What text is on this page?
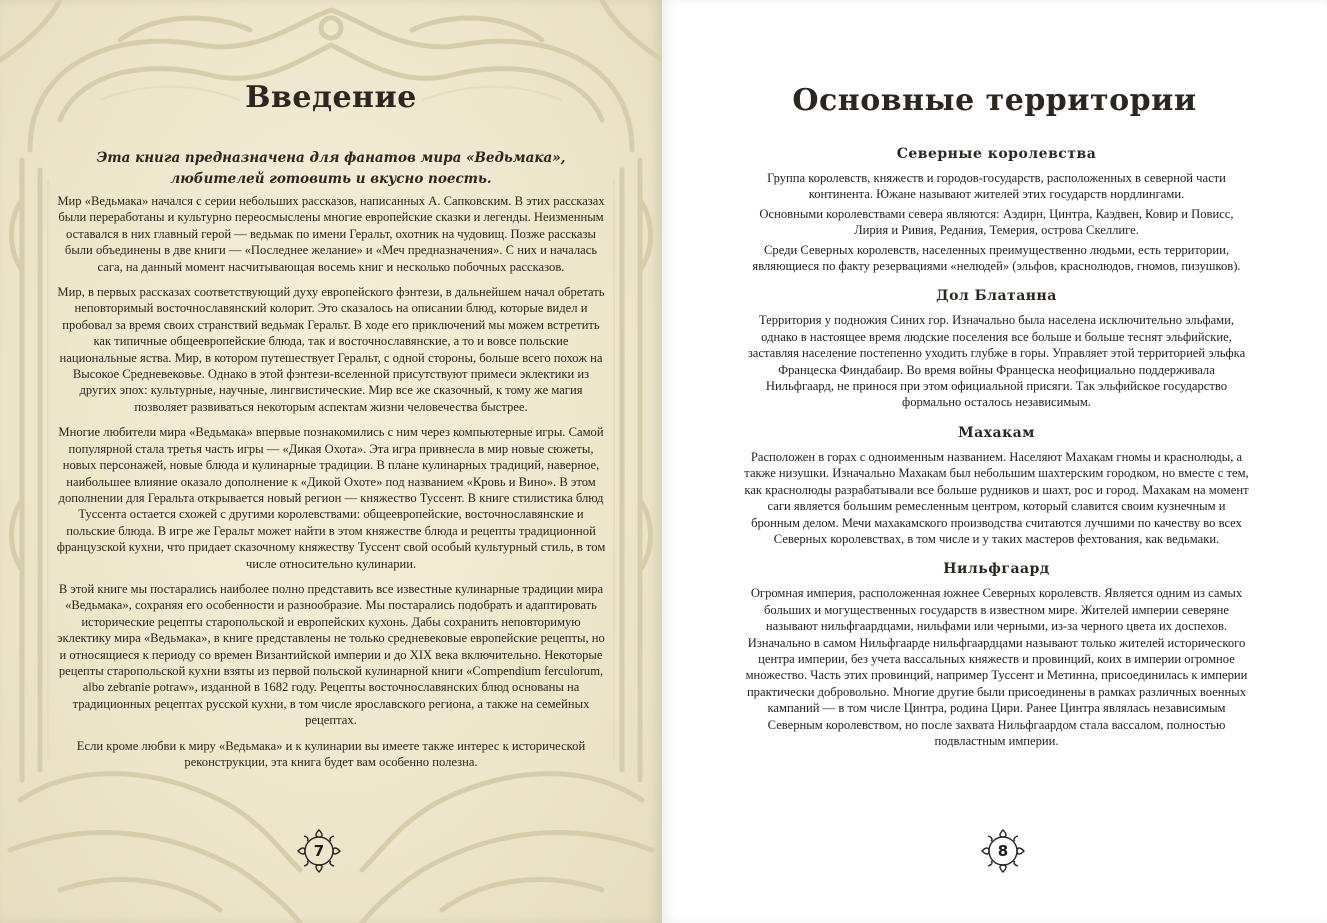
Введение
Эта книга предназначена для фанатов мира «Ведьмака», любителей готовить и вкусно поесть.

Мир «Ведьмака» начался с серии небольших рассказов, написанных А. Сапковским. В этих рассказах были переработаны и культурно переосмыслены многие европейские сказки и легенды. Неизменным оставался в них главный герой — ведьмак по имени Геральт, охотник на чудовищ. Позже рассказы были объединены в две книги — «Последнее желание» и «Меч предназначения». С них и началась сага, на данный момент насчитывающая восемь книг и несколько побочных рассказов.

Мир, в первых рассказах соответствующий духу европейского фэнтези, в дальнейшем начал обретать неповторимый восточнославянский колорит. Это сказалось на описании блюд, которые видел и пробовал за время своих странствий ведьмак Геральт. В ходе его приключений мы можем встретить как типичные общеевропейские блюда, так и восточнославянские, а то и вовсе польские национальные яства. Мир, в котором путешествует Геральт, с одной стороны, больше всего похож на Высокое Средневековье. Однако в этой фэнтези-вселенной присутствуют примеси эклектики из других эпох: культурные, научные, лингвистические. Мир все же сказочный, к тому же магия позволяет развиваться некоторым аспектам жизни человечества быстрее.

Многие любители мира «Ведьмака» впервые познакомились с ним через компьютерные игры. Самой популярной стала третья часть игры — «Дикая Охота». Эта игра привнесла в мир новые сюжеты, новых персонажей, новые блюда и кулинарные традиции. В плане кулинарных традиций, наверное, наибольшее влияние оказало дополнение к «Дикой Охоте» под названием «Кровь и Вино». В этом дополнении для Геральта открывается новый регион — княжество Туссент. В книге стилистика блюд Туссента остается схожей с другими королевствами: общеевропейские, восточнославянские и польские блюда. В игре же Геральт может найти в этом княжестве блюда и рецепты традиционной французской кухни, что придает сказочному княжеству Туссент свой особый культурный стиль, в том числе относительно кулинарии.

В этой книге мы постарались наиболее полно представить все известные кулинарные традиции мира «Ведьмака», сохраняя его особенности и разнообразие. Мы постарались подобрать и адаптировать исторические рецепты старопольской и европейских кухонь. Дабы сохранить неповторимую эклектику мира «Ведьмака», в книге представлены не только средневековые европейские рецепты, но и относящиеся к периоду со времен Византийской империи и до XIX века включительно. Некоторые рецепты старопольской кухни взяты из первой польской кулинарной книги «Compendium ferculorum, albo zebranie potraw», изданной в 1682 году. Рецепты восточнославянских блюд основаны на традиционных рецептах русской кухни, в том числе ярославского региона, а также на семейных рецептах.

Если кроме любви к миру «Ведьмака» и к кулинарии вы имеете также интерес к исторической реконструкции, эта книга будет вам особенно полезна.

7
Основные территории
Северные королевства

Группа королевств, княжеств и городов-государств, расположенных в северной части континента. Южане называют жителей этих государств нордлингами.

Основными королевствами севера являются: Аэдирн, Цинтра, Каэдвен, Ковир и Повисс, Лирия и Ривия, Редания, Темерия, острова Скеллиге.

Среди Северных королевств, населенных преимущественно людьми, есть территории, являющиеся по факту резервациями «нелюдей» (эльфов, краснолюдов, гномов, пизушков).

Дол Блатанна

Территория у подножия Синих гор. Изначально была населена исключительно эльфами, однако в настоящее время людские поселения все больше и больше теснят эльфийские, заставляя население постепенно уходить глубже в горы. Управляет этой территорией эльфка Францеска Финдабаир. Во время войны Францеска неофициально поддерживала Нильфгаард, не принося при этом официальной присяги. Так эльфийское государство формально осталось независимым.

Махакам

Расположен в горах с одноименным названием. Населяют Махакам гномы и краснолюды, а также низушки. Изначально Махакам был небольшим шахтерским городком, но вместе с тем, как краснолюды разрабатывали все больше рудников и шахт, рос и город. Махакам на момент саги является большим ремесленным центром, который славится своим кузнечным и бронным делом. Мечи махакамского производства считаются лучшими по качеству во всех Северных королевствах, в том числе и у таких мастеров фехтования, как ведьмаки.

Нильфгаард

Огромная империя, расположенная южнее Северных королевств. Является одним из самых больших и могущественных государств в известном мире. Жителей империи северяне называют нильфгаардцами, нильфами или черными, из-за черного цвета их доспехов. Изначально в самом Нильфгаарде нильфгаардцами называют только жителей исторического центра империи, без учета вассальных княжеств и провинций, коих в империи огромное множество. Часть этих провинций, например Туссент и Метинна, присоединилась к империи практически добровольно. Многие другие были присоединены в рамках различных военных кампаний — в том числе Цинтра, родина Цири. Ранее Цинтра являлась независимым Северным королевством, но после захвата Нильфгаардом стала вассалом, полностью подвластным империи.

8
